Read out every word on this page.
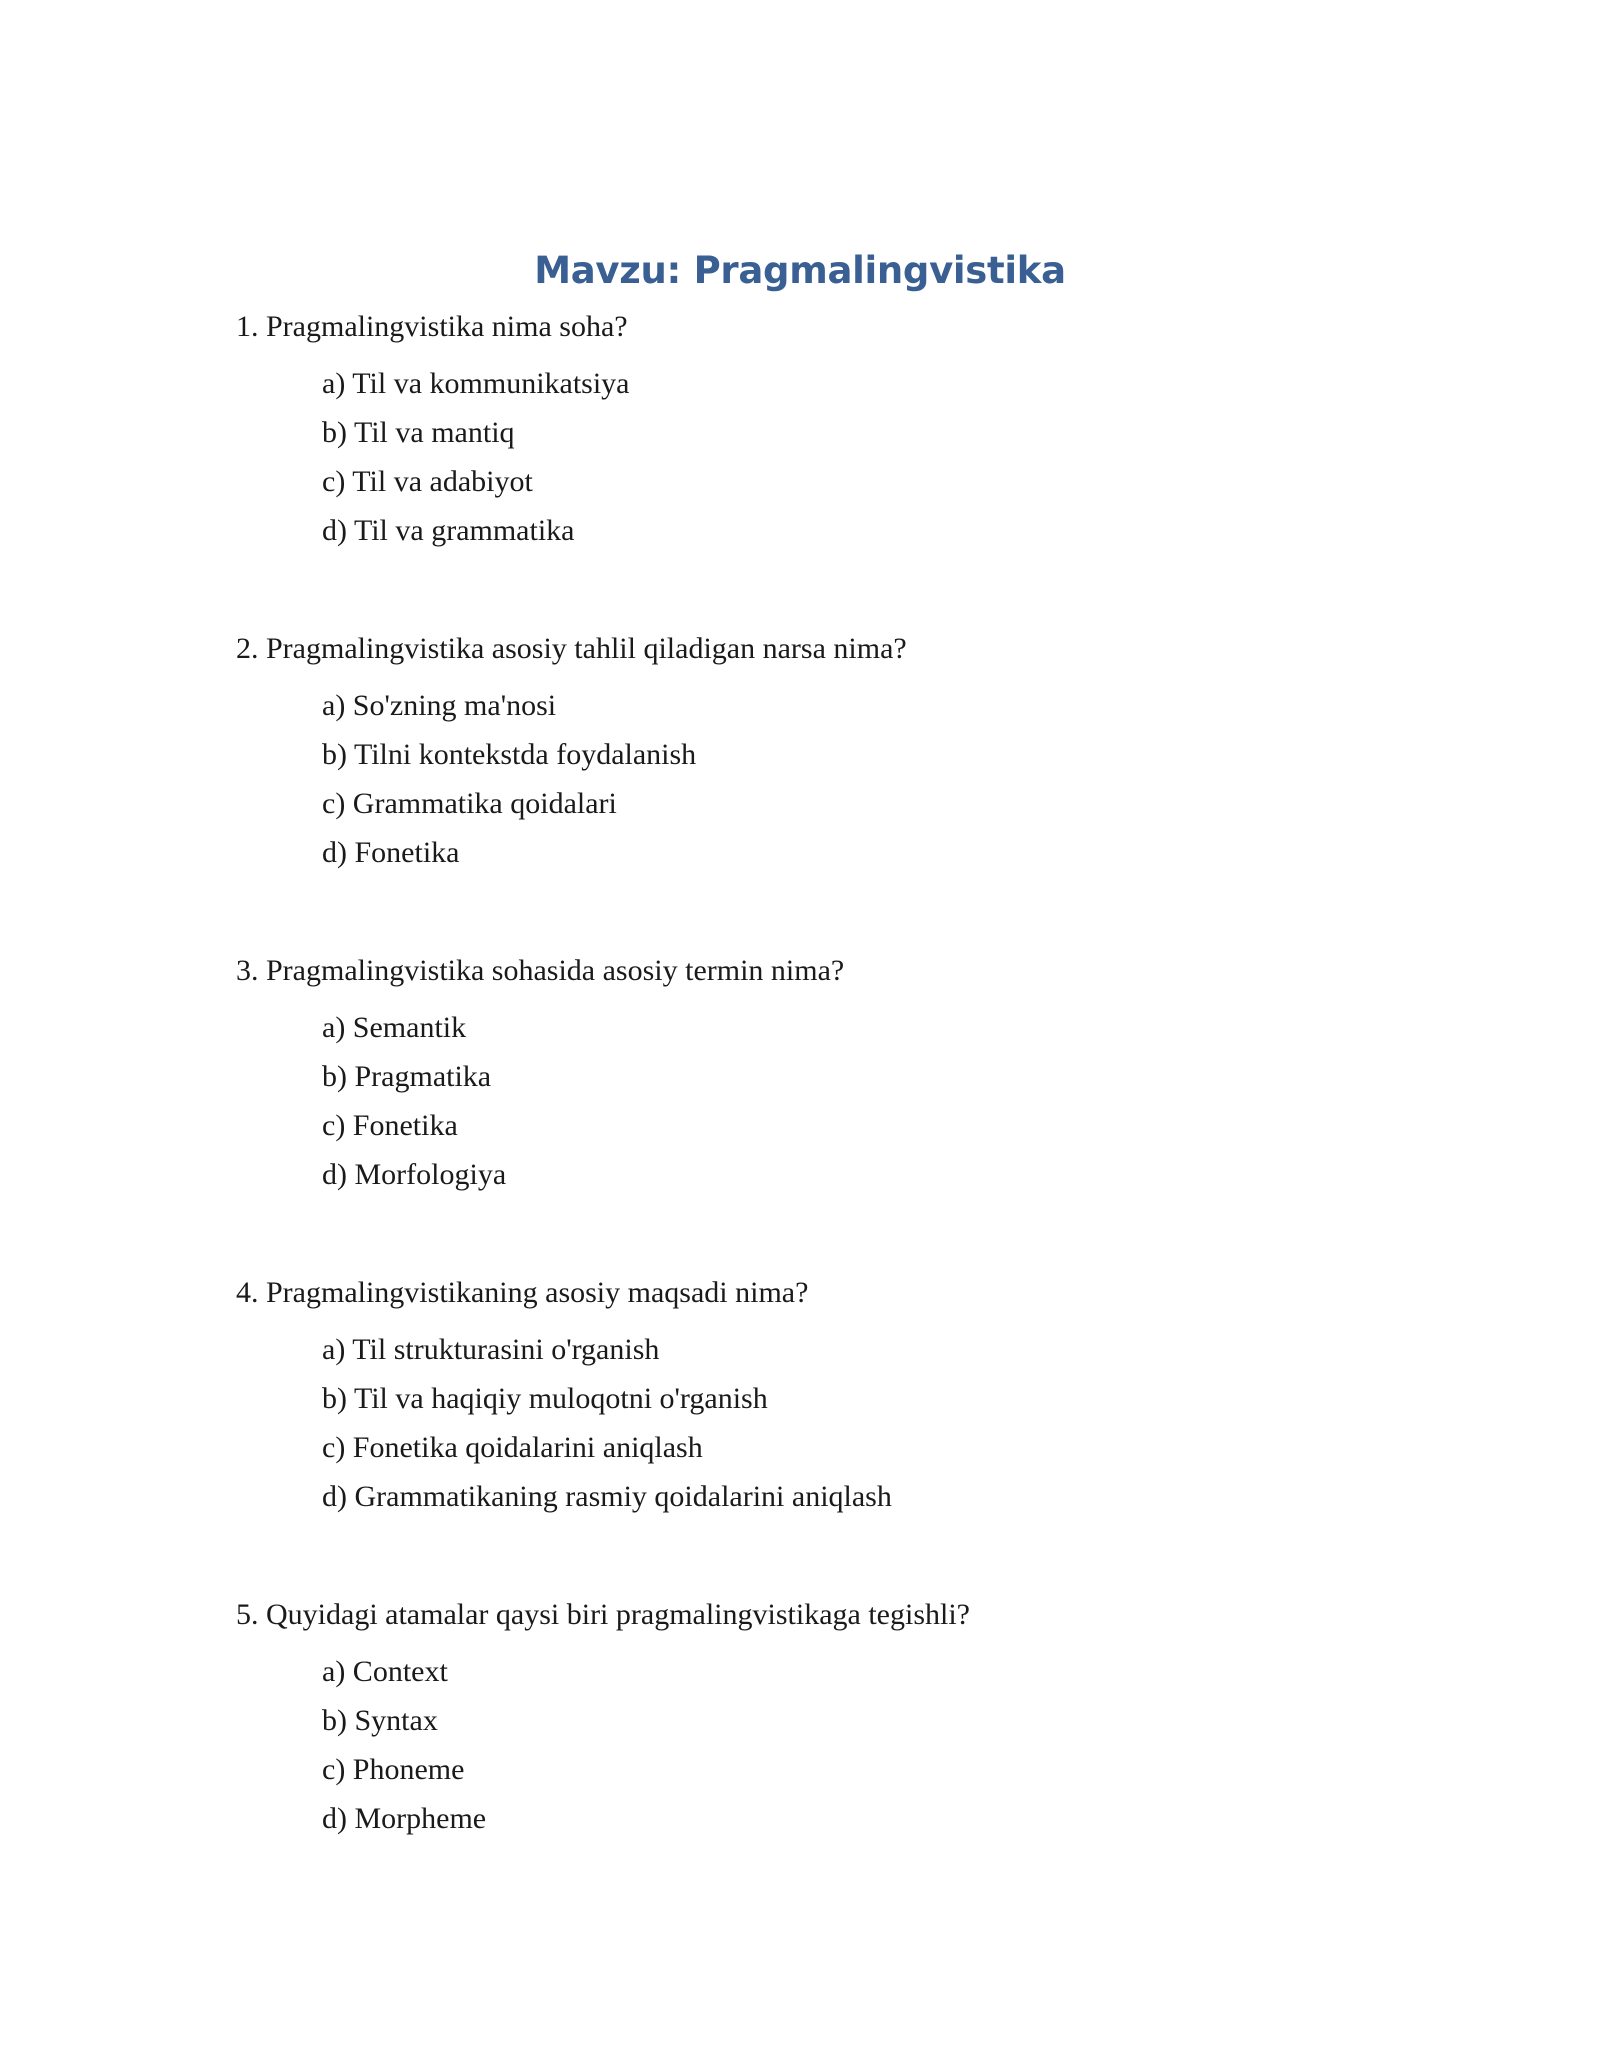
Mavzu: Pragmalingvistika
1. Pragmalingvistika nima soha?
a) Til va kommunikatsiya
b) Til va mantiq
c) Til va adabiyot
d) Til va grammatika
2. Pragmalingvistika asosiy tahlil qiladigan narsa nima?
a) So'zning ma'nosi
b) Tilni kontekstda foydalanish
c) Grammatika qoidalari
d) Fonetika
3. Pragmalingvistika sohasida asosiy termin nima?
a) Semantik
b) Pragmatika
c) Fonetika
d) Morfologiya
4. Pragmalingvistikaning asosiy maqsadi nima?
a) Til strukturasini o'rganish
b) Til va haqiqiy muloqotni o'rganish
c) Fonetika qoidalarini aniqlash
d) Grammatikaning rasmiy qoidalarini aniqlash
5. Quyidagi atamalar qaysi biri pragmalingvistikaga tegishli?
a) Context
b) Syntax
c) Phoneme
d) Morpheme
